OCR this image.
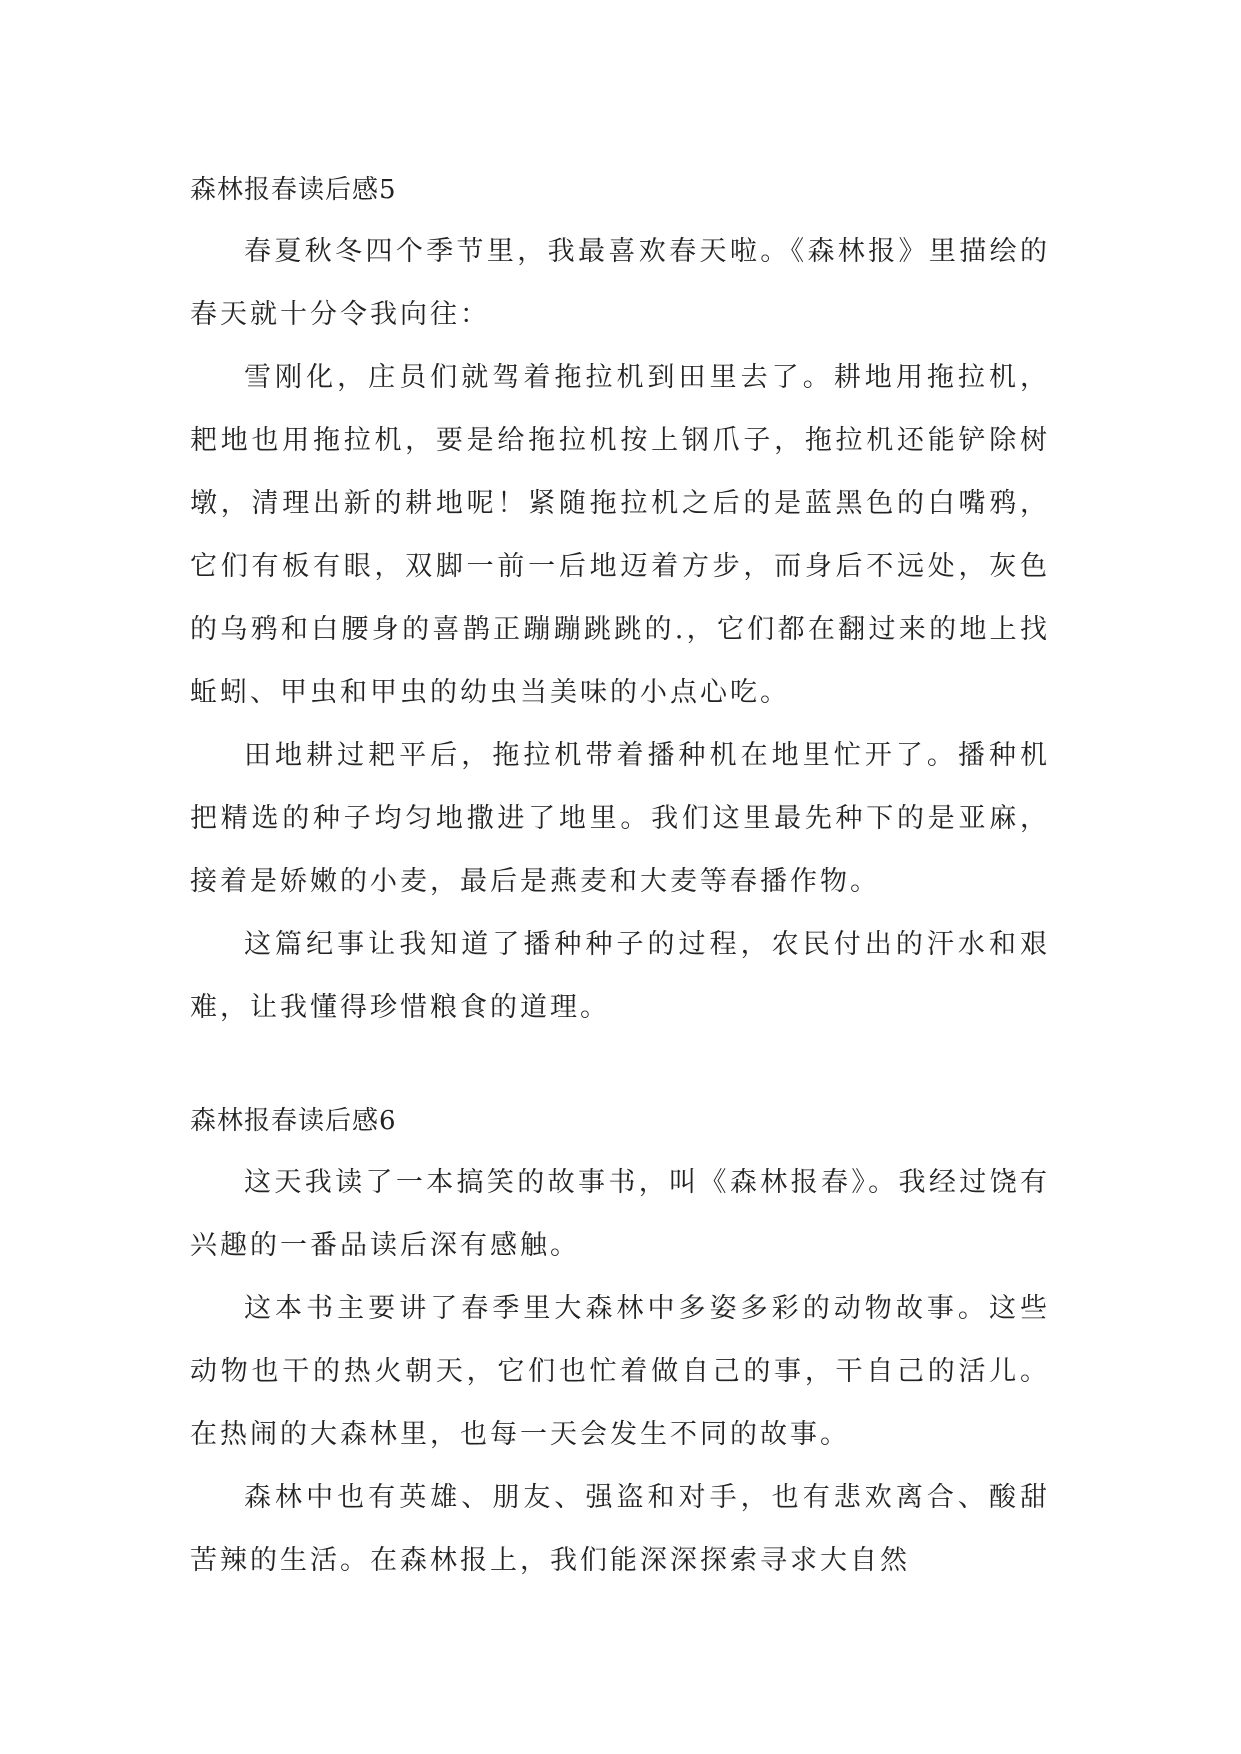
森林报春读后感5

春夏秋冬四个季节里，我最喜欢春天啦。《森林报》里描绘的春天就十分令我向往：

雪刚化，庄员们就驾着拖拉机到田里去了。耕地用拖拉机，耙地也用拖拉机，要是给拖拉机按上钢爪子，拖拉机还能铲除树墩，清理出新的耕地呢！紧随拖拉机之后的是蓝黑色的白嘴鸦，它们有板有眼，双脚一前一后地迈着方步，而身后不远处，灰色的乌鸦和白腰身的喜鹊正蹦蹦跳跳的.，它们都在翻过来的地上找蚯蚓、甲虫和甲虫的幼虫当美味的小点心吃。

田地耕过耙平后，拖拉机带着播种机在地里忙开了。播种机把精选的种子均匀地撒进了地里。我们这里最先种下的是亚麻，接着是娇嫩的小麦，最后是燕麦和大麦等春播作物。

这篇纪事让我知道了播种种子的过程，农民付出的汗水和艰难，让我懂得珍惜粮食的道理。

森林报春读后感6

这天我读了一本搞笑的故事书，叫《森林报春》。我经过饶有兴趣的一番品读后深有感触。

这本书主要讲了春季里大森林中多姿多彩的动物故事。这些动物也干的热火朝天，它们也忙着做自己的事，干自己的活儿。在热闹的大森林里，也每一天会发生不同的故事。

森林中也有英雄、朋友、强盗和对手，也有悲欢离合、酸甜苦辣的生活。在森林报上，我们能深深探索寻求大自然
